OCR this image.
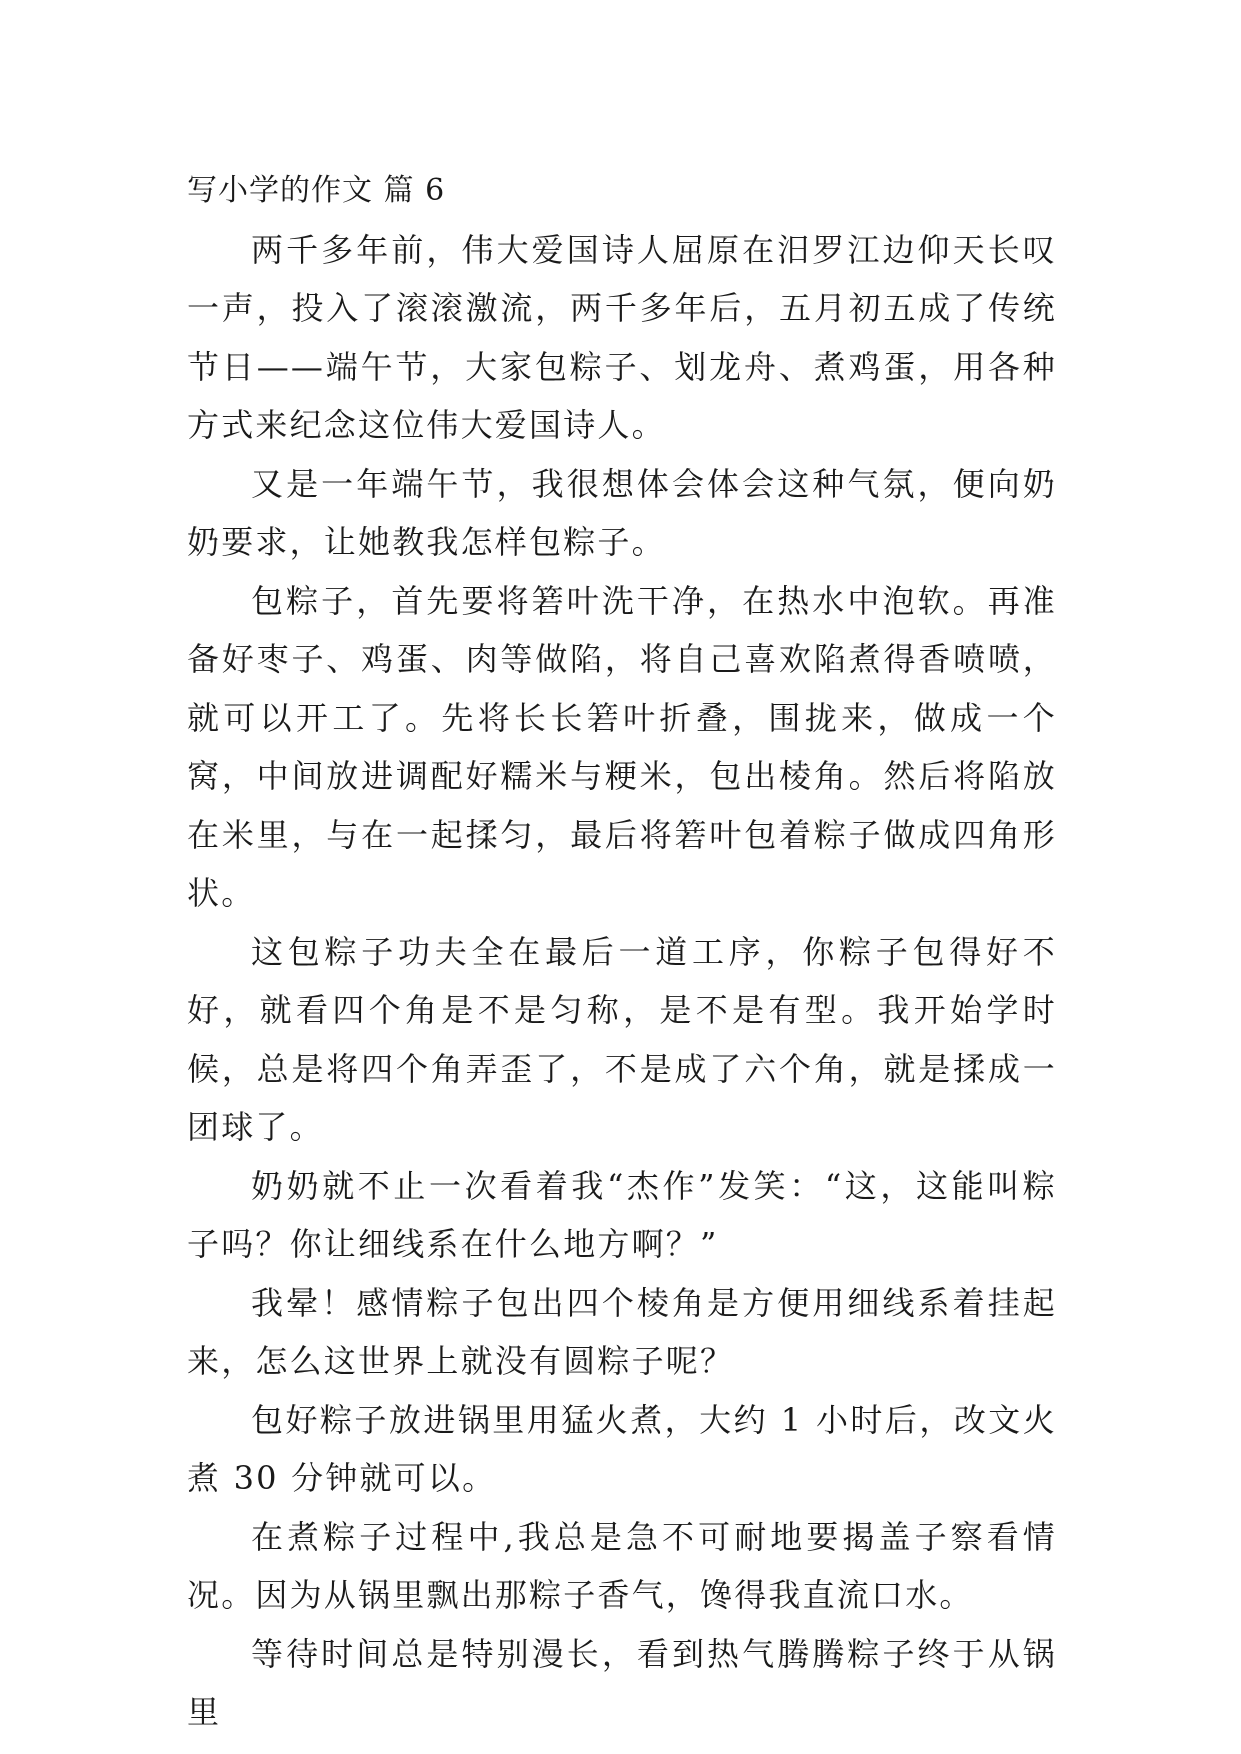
写小学的作文 篇 6

两千多年前，伟大爱国诗人屈原在汨罗江边仰天长叹一声，投入了滚滚激流，两千多年后，五月初五成了传统节日——端午节，大家包粽子、划龙舟、煮鸡蛋，用各种方式来纪念这位伟大爱国诗人。

又是一年端午节，我很想体会体会这种气氛，便向奶奶要求，让她教我怎样包粽子。

包粽子，首先要将箬叶洗干净，在热水中泡软。再准备好枣子、鸡蛋、肉等做陷，将自己喜欢陷煮得香喷喷，就可以开工了。先将长长箬叶折叠，围拢来，做成一个窝，中间放进调配好糯米与粳米，包出棱角。然后将陷放在米里，与在一起揉匀，最后将箬叶包着粽子做成四角形状。

这包粽子功夫全在最后一道工序，你粽子包得好不好，就看四个角是不是匀称，是不是有型。我开始学时候，总是将四个角弄歪了，不是成了六个角，就是揉成一团球了。

奶奶就不止一次看着我“杰作”发笑：“这，这能叫粽子吗？你让细线系在什么地方啊？”

我晕！感情粽子包出四个棱角是方便用细线系着挂起来，怎么这世界上就没有圆粽子呢？

包好粽子放进锅里用猛火煮，大约 1 小时后，改文火煮 30 分钟就可以。

在煮粽子过程中,我总是急不可耐地要揭盖子察看情况。因为从锅里飘出那粽子香气，馋得我直流口水。

等待时间总是特别漫长，看到热气腾腾粽子终于从锅里
